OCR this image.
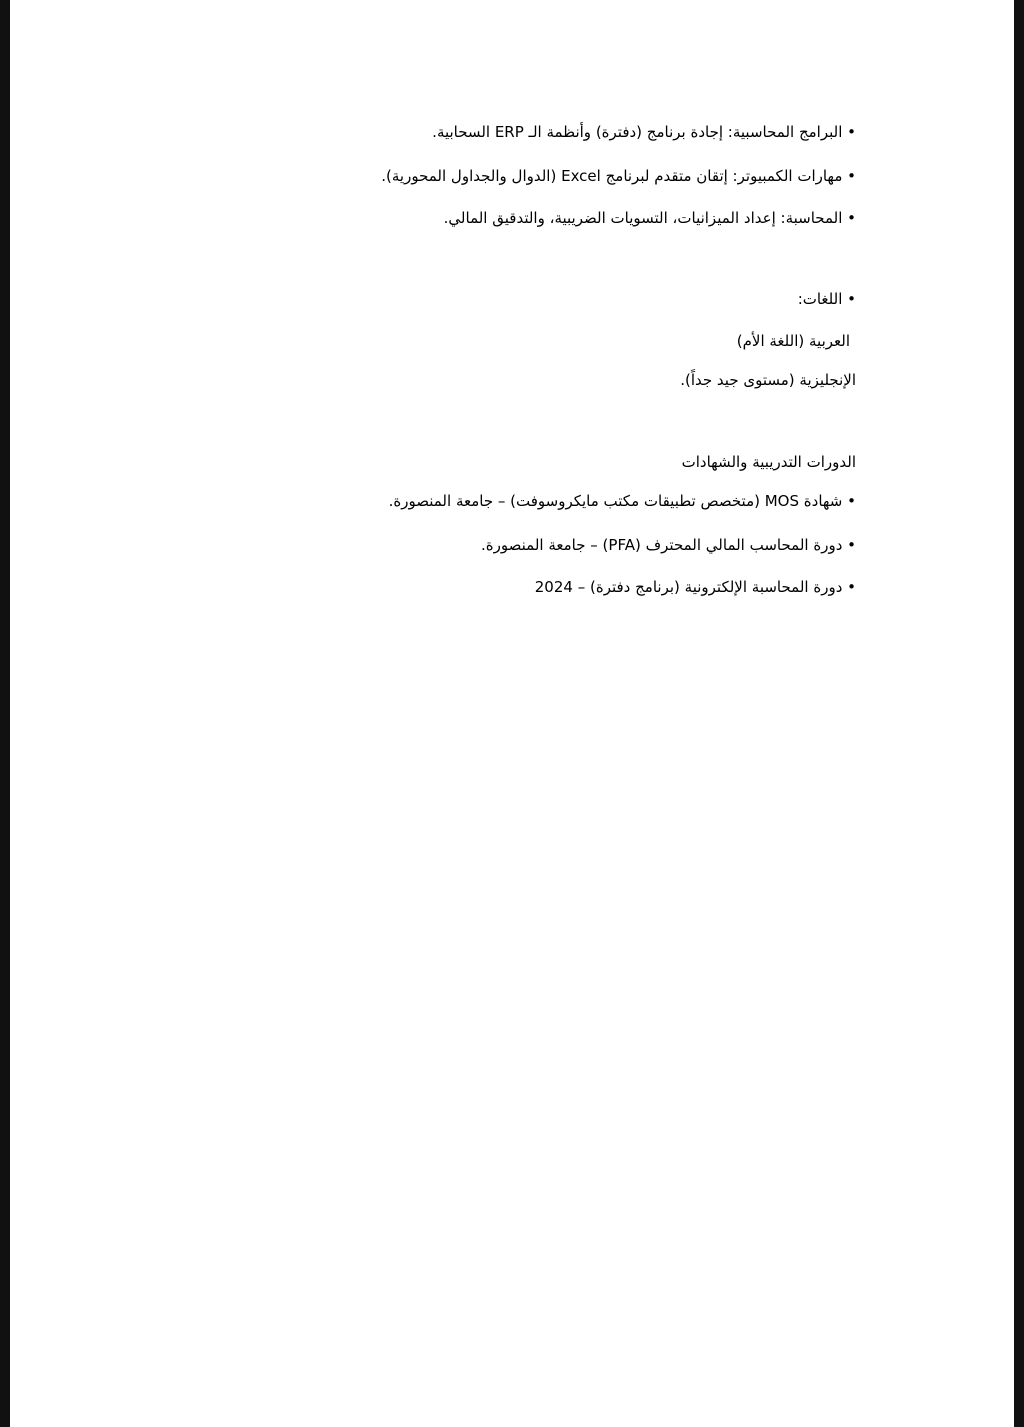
• البرامج المحاسبية: إجادة برنامج (دفترة) وأنظمة الـ ERP السحابية.
• مهارات الكمبيوتر: إتقان متقدم لبرنامج Excel (الدوال والجداول المحورية).
• المحاسبة: إعداد الميزانيات، التسويات الضريبية، والتدقيق المالي.
• اللغات:
العربية (اللغة الأم)
الإنجليزية (مستوى جيد جداً).
الدورات التدريبية والشهادات
• شهادة MOS (متخصص تطبيقات مكتب مايكروسوفت) – جامعة المنصورة.
• دورة المحاسب المالي المحترف (PFA) – جامعة المنصورة.
• دورة المحاسبة الإلكترونية (برنامج دفترة) – 2024
